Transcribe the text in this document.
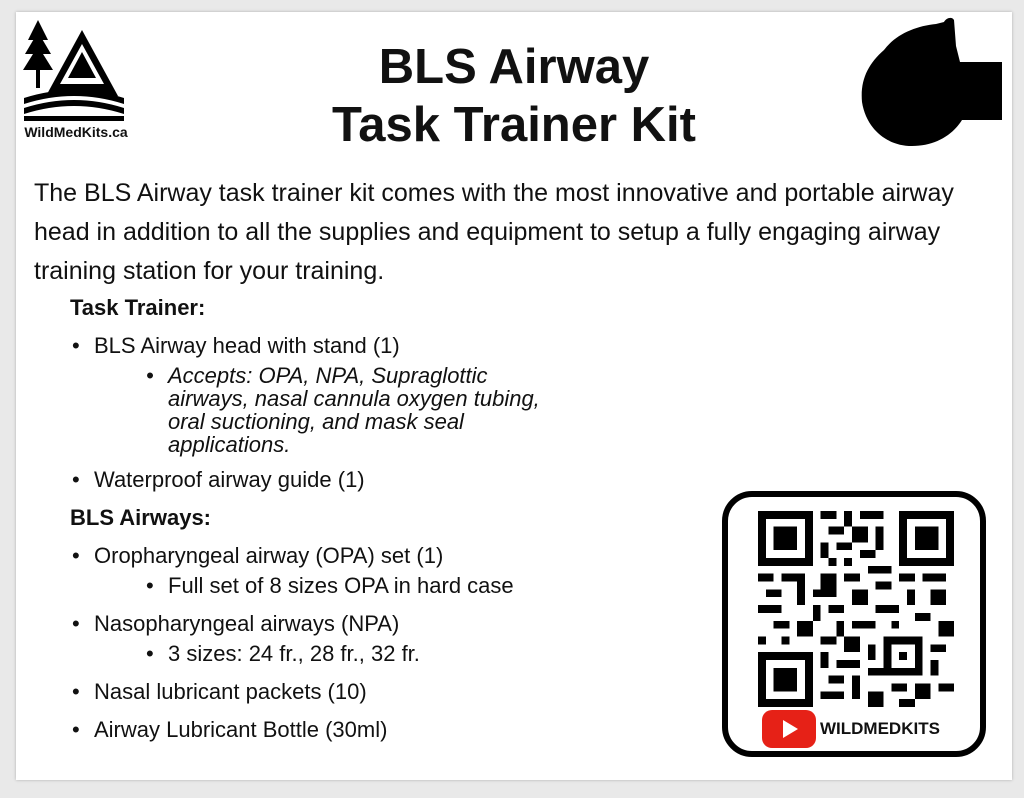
WildMedKits.ca
BLS Airway
Task Trainer Kit

The BLS Airway task trainer kit comes with the most innovative and portable airway head in addition to all the supplies and equipment to setup a fully engaging airway training station for your training.

Task Trainer:

• BLS Airway head with stand (1)
• Accepts: OPA, NPA, Supraglottic airways, nasal cannula oxygen tubing, oral suctioning, and mask seal applications.
• Waterproof airway guide (1)

BLS Airways:

• Oropharyngeal airway (OPA) set (1)
• Full set of 8 sizes OPA in hard case
• Nasopharyngeal airways (NPA)
• 3 sizes: 24 fr., 28 fr., 32 fr.
• Nasal lubricant packets (10)
• Airway Lubricant Bottle (30ml)	WILDMEDKITS
